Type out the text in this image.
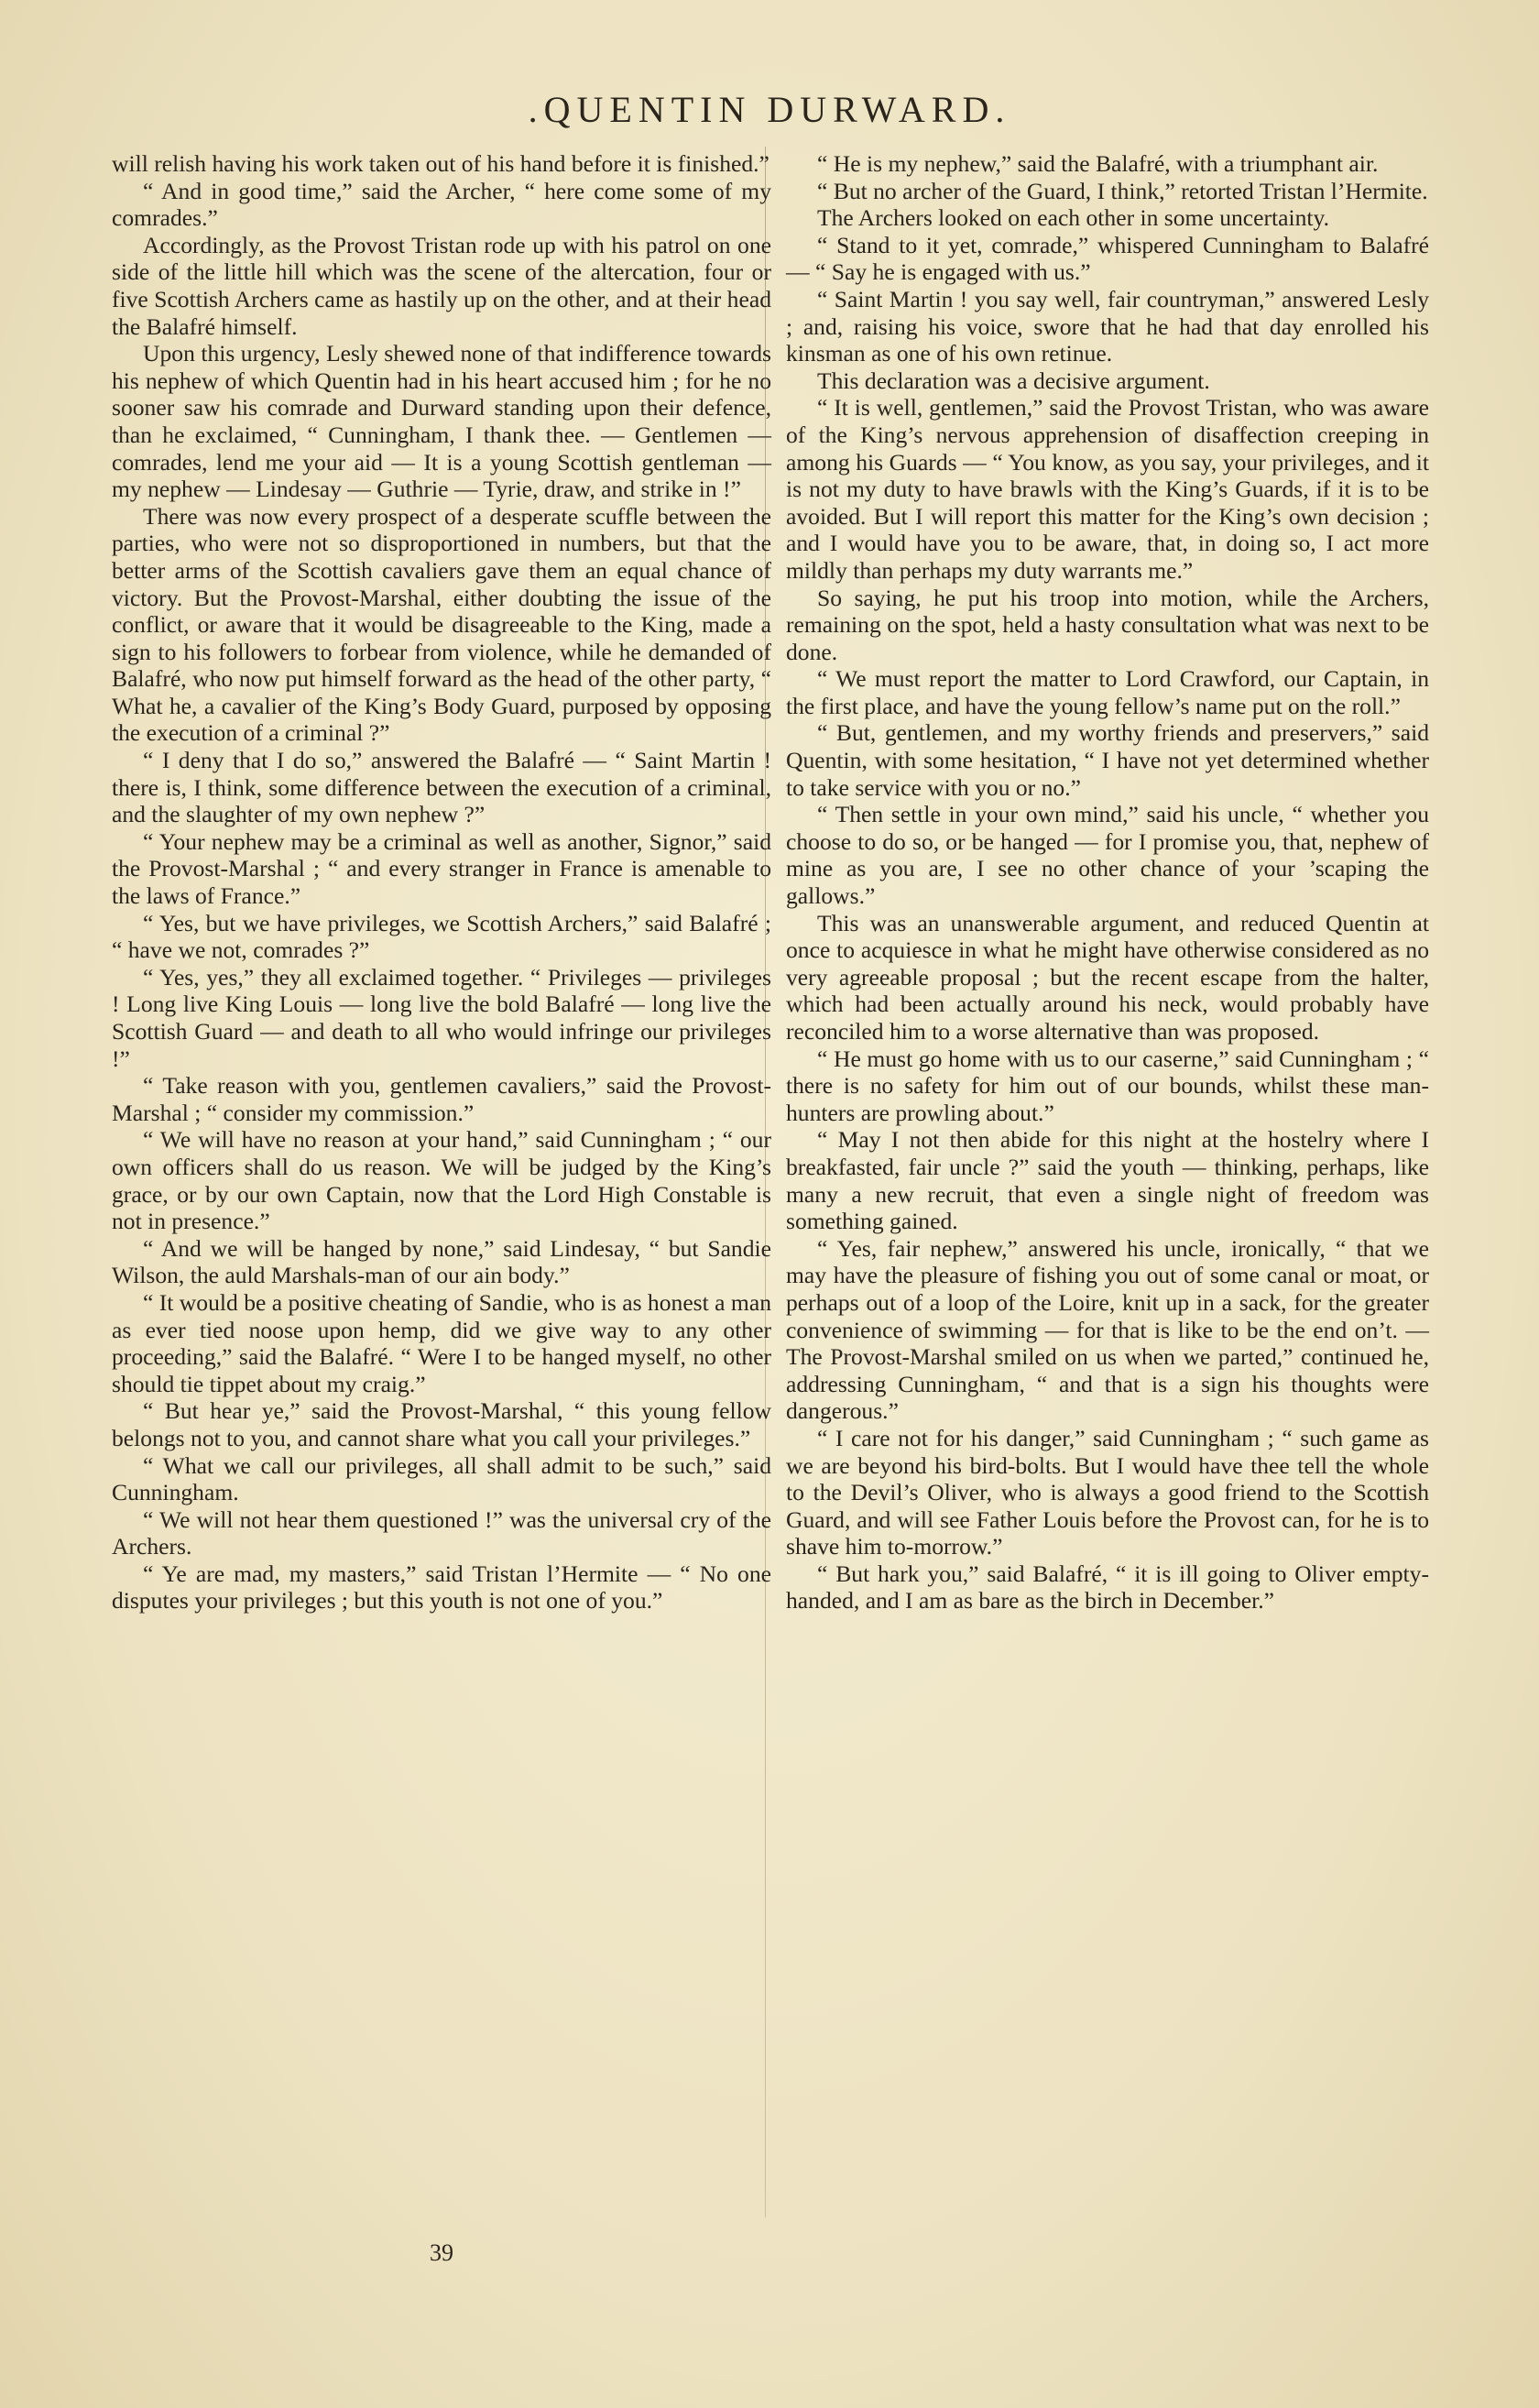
.QUENTIN DURWARD.

will relish having his work taken out of his hand before it is finished.”

“ And in good time,” said the Archer, “ here come some of my comrades.”

Accordingly, as the Provost Tristan rode up with his patrol on one side of the little hill which was the scene of the altercation, four or five Scottish Archers came as hastily up on the other, and at their head the Balafré himself.

Upon this urgency, Lesly shewed none of that indifference towards his nephew of which Quentin had in his heart accused him ; for he no sooner saw his comrade and Durward standing upon their defence, than he exclaimed, “ Cunningham, I thank thee. — Gentlemen — comrades, lend me your aid — It is a young Scottish gentleman — my nephew — Lindesay — Guthrie — Tyrie, draw, and strike in !”

There was now every prospect of a desperate scuffle between the parties, who were not so disproportioned in numbers, but that the better arms of the Scottish cavaliers gave them an equal chance of victory. But the Provost-Marshal, either doubting the issue of the conflict, or aware that it would be disagreeable to the King, made a sign to his followers to forbear from violence, while he demanded of Balafré, who now put himself forward as the head of the other party, “ What he, a cavalier of the King’s Body Guard, purposed by opposing the execution of a criminal ?”

“ I deny that I do so,” answered the Balafré — “ Saint Martin ! there is, I think, some difference between the execution of a criminal, and the slaughter of my own nephew ?”

“ Your nephew may be a criminal as well as another, Signor,” said the Provost-Marshal ; “ and every stranger in France is amenable to the laws of France.”

“ Yes, but we have privileges, we Scottish Archers,” said Balafré ; “ have we not, comrades ?”

“ Yes, yes,” they all exclaimed together. “ Privileges — privileges ! Long live King Louis — long live the bold Balafré — long live the Scottish Guard — and death to all who would infringe our privileges !”

“ Take reason with you, gentlemen cavaliers,” said the Provost-Marshal ; “ consider my commission.”

“ We will have no reason at your hand,” said Cunningham ; “ our own officers shall do us reason. We will be judged by the King’s grace, or by our own Captain, now that the Lord High Constable is not in presence.”

“ And we will be hanged by none,” said Lindesay, “ but Sandie Wilson, the auld Marshals-man of our ain body.”

“ It would be a positive cheating of Sandie, who is as honest a man as ever tied noose upon hemp, did we give way to any other proceeding,” said the Balafré. “ Were I to be hanged myself, no other should tie tippet about my craig.”

“ But hear ye,” said the Provost-Marshal, “ this young fellow belongs not to you, and cannot share what you call your privileges.”

“ What we call our privileges, all shall admit to be such,” said Cunningham.

“ We will not hear them questioned !” was the universal cry of the Archers.

“ Ye are mad, my masters,” said Tristan l’Hermite — “ No one disputes your privileges ; but this youth is not one of you.”

“ He is my nephew,” said the Balafré, with a triumphant air.

“ But no archer of the Guard, I think,” retorted Tristan l’Hermite.

The Archers looked on each other in some uncertainty.

“ Stand to it yet, comrade,” whispered Cunningham to Balafré — “ Say he is engaged with us.”

“ Saint Martin ! you say well, fair countryman,” answered Lesly ; and, raising his voice, swore that he had that day enrolled his kinsman as one of his own retinue.

This declaration was a decisive argument.

“ It is well, gentlemen,” said the Provost Tristan, who was aware of the King’s nervous apprehension of disaffection creeping in among his Guards — “ You know, as you say, your privileges, and it is not my duty to have brawls with the King’s Guards, if it is to be avoided. But I will report this matter for the King’s own decision ; and I would have you to be aware, that, in doing so, I act more mildly than perhaps my duty warrants me.”

So saying, he put his troop into motion, while the Archers, remaining on the spot, held a hasty consultation what was next to be done.

“ We must report the matter to Lord Crawford, our Captain, in the first place, and have the young fellow’s name put on the roll.”

“ But, gentlemen, and my worthy friends and preservers,” said Quentin, with some hesitation, “ I have not yet determined whether to take service with you or no.”

“ Then settle in your own mind,” said his uncle, “ whether you choose to do so, or be hanged — for I promise you, that, nephew of mine as you are, I see no other chance of your ’scaping the gallows.”

This was an unanswerable argument, and reduced Quentin at once to acquiesce in what he might have otherwise considered as no very agreeable proposal ; but the recent escape from the halter, which had been actually around his neck, would probably have reconciled him to a worse alternative than was proposed.

“ He must go home with us to our caserne,” said Cunningham ; “ there is no safety for him out of our bounds, whilst these man-hunters are prowling about.”

“ May I not then abide for this night at the hostelry where I breakfasted, fair uncle ?” said the youth — thinking, perhaps, like many a new recruit, that even a single night of freedom was something gained.

“ Yes, fair nephew,” answered his uncle, ironically, “ that we may have the pleasure of fishing you out of some canal or moat, or perhaps out of a loop of the Loire, knit up in a sack, for the greater convenience of swimming — for that is like to be the end on’t. — The Provost-Marshal smiled on us when we parted,” continued he, addressing Cunningham, “ and that is a sign his thoughts were dangerous.”

“ I care not for his danger,” said Cunningham ; “ such game as we are beyond his bird-bolts. But I would have thee tell the whole to the Devil’s Oliver, who is always a good friend to the Scottish Guard, and will see Father Louis before the Provost can, for he is to shave him to-morrow.”

“ But hark you,” said Balafré, “ it is ill going to Oliver empty-handed, and I am as bare as the birch in December.”

39
